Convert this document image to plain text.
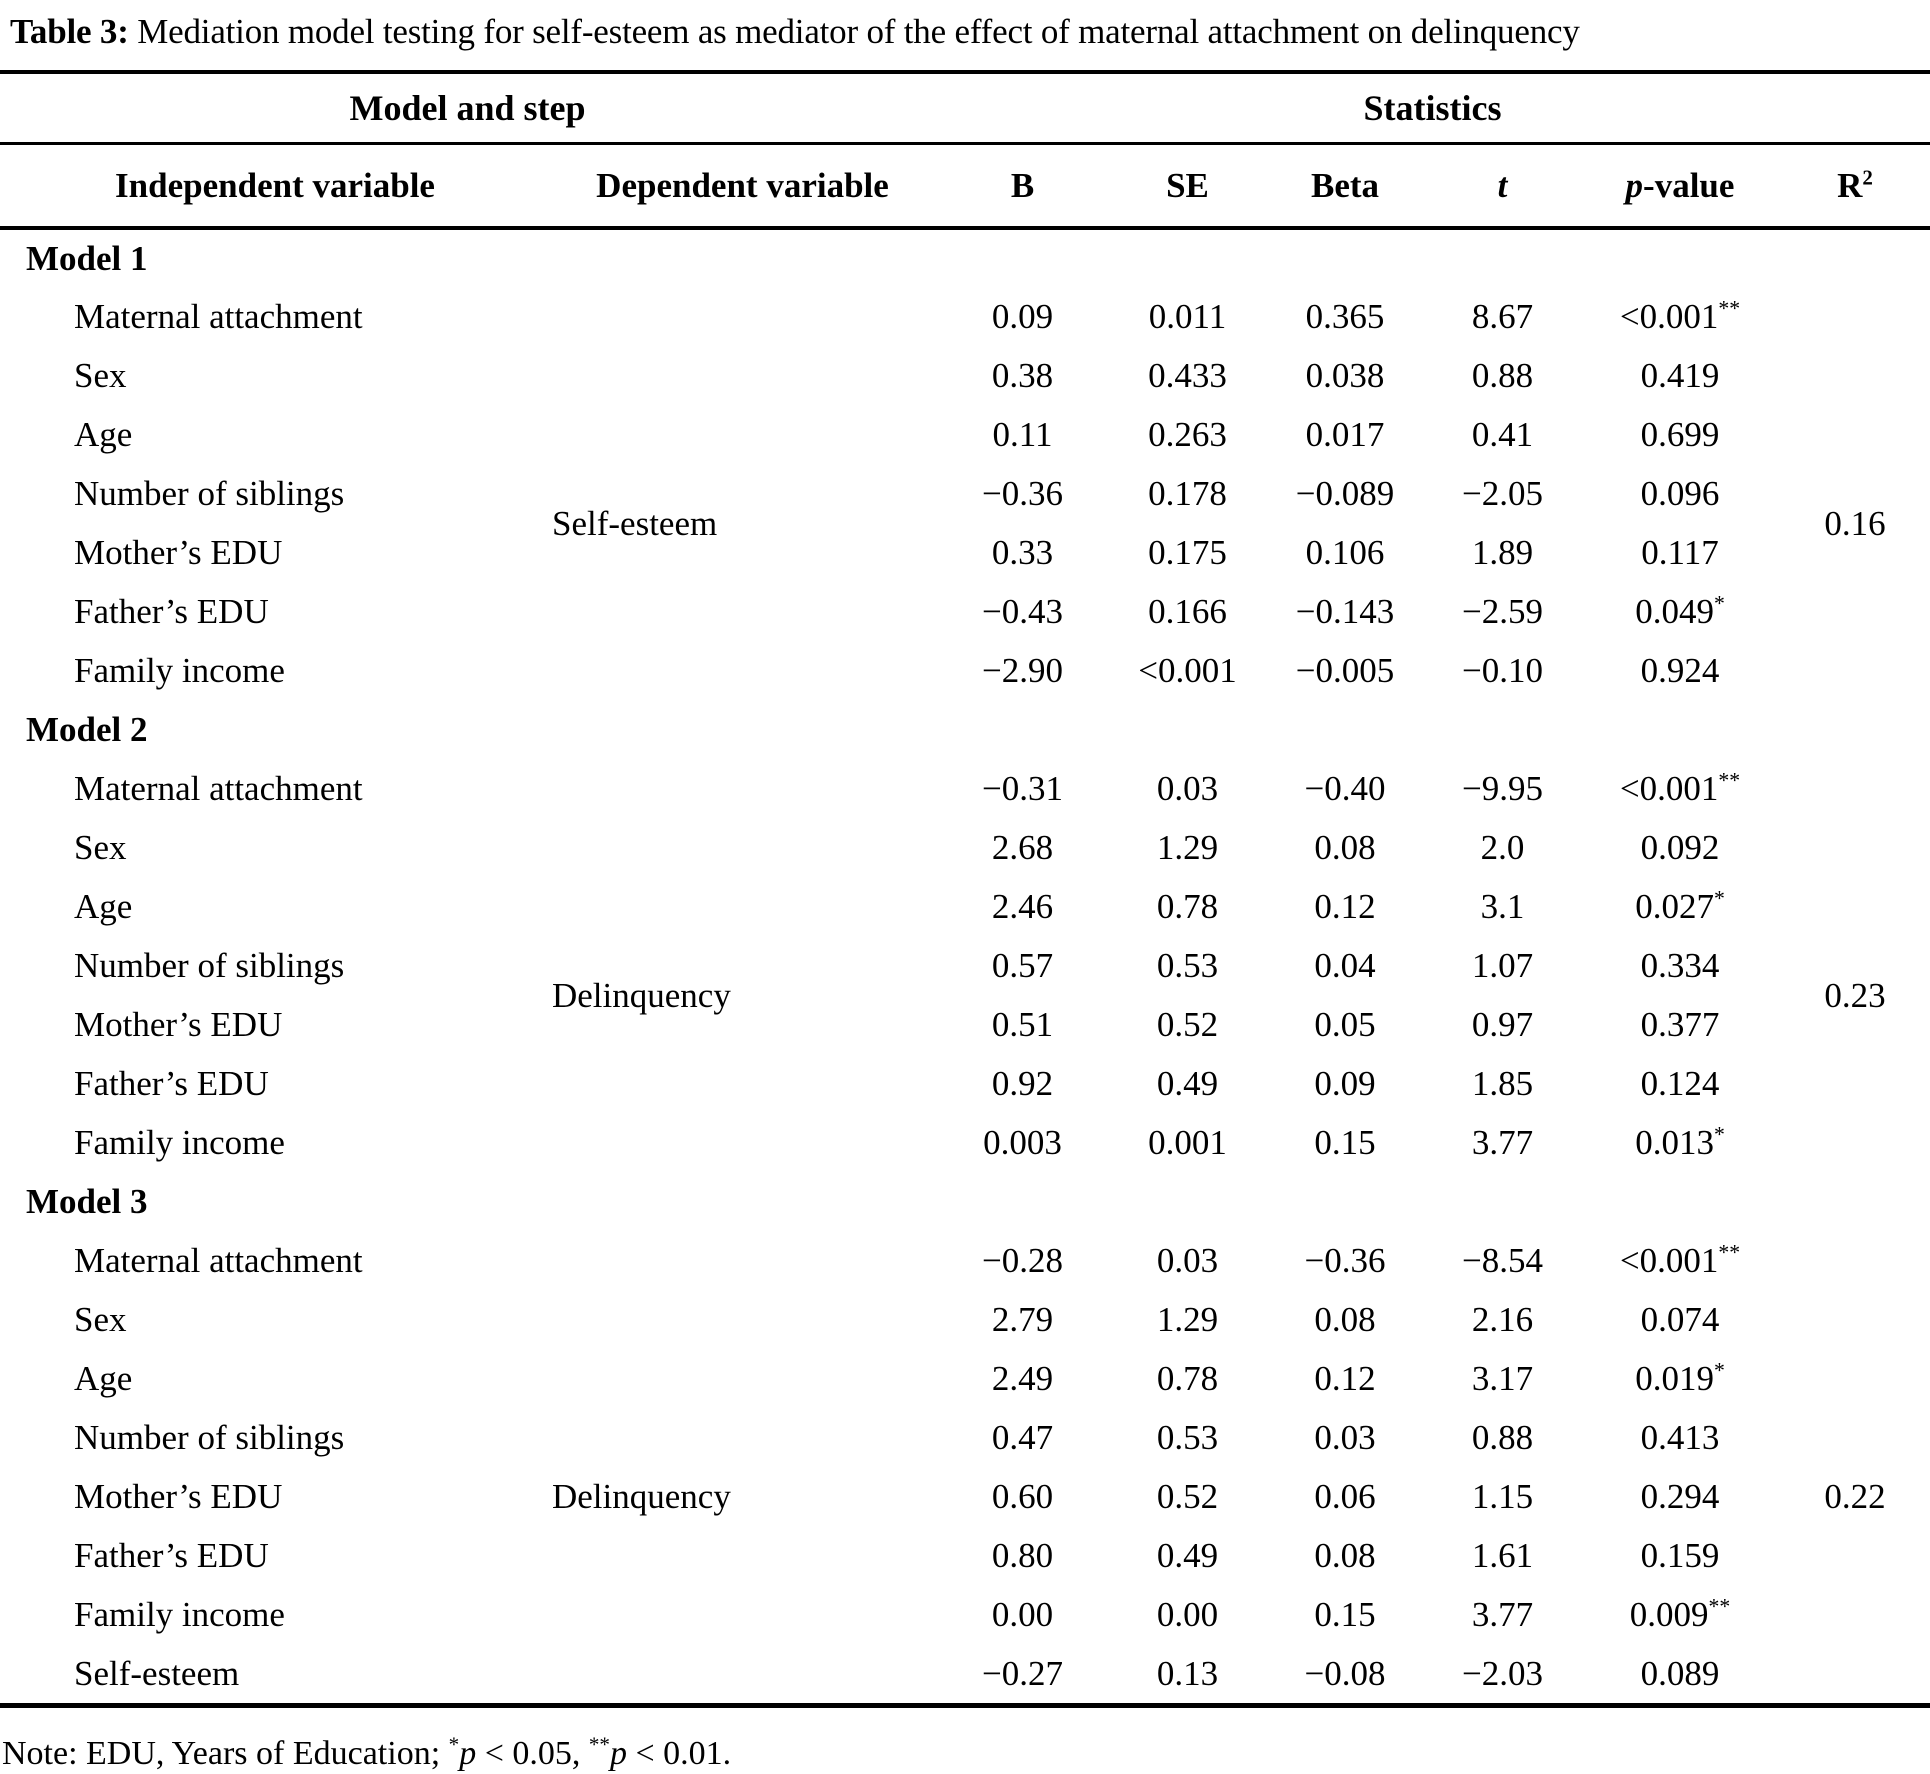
Table 3: Mediation model testing for self-esteem as mediator of the effect of maternal attachment on delinquency
Model and step		Statistics					
Independent variable	Dependent variable	B	SE	Beta	t	p-value	$R^2$
Model 1							
Maternal attachment	Self-esteem	0.09	0.011	0.365	8.67	<0.001**	0.16
Sex		0.38	0.433	0.038	0.88	0.419	
Age		0.11	0.263	0.017	0.41	0.699	
Number of siblings		−0.36	0.178	−0.089	−2.05	0.096	
Mother’s EDU		0.33	0.175	0.106	1.89	0.117	
Father’s EDU		−0.43	0.166	−0.143	−2.59	0.049*
Family income		−2.90	<0.001	−0.005	−0.10	0.924	
Model 2							
Maternal attachment	Delinquency	−0.31	0.03	−0.40	−9.95	<0.001**	0.23
Sex		2.68	1.29	0.08	2.0	0.092	
Age		2.46	0.78	0.12	3.1	0.027*
Number of siblings		0.57	0.53	0.04	1.07	0.334	
Mother’s EDU		0.51	0.52	0.05	0.97	0.377	
Father’s EDU		0.92	0.49	0.09	1.85	0.124	
Family income		0.003	0.001	0.15	3.77	0.013*
Model 3							
Maternal attachment	Delinquency	−0.28	0.03	−0.36	−8.54	<0.001**	0.22
Sex		2.79	1.29	0.08	2.16	0.074	
Age		2.49	0.78	0.12	3.17	0.019*
Number of siblings		0.47	0.53	0.03	0.88	0.413	
Mother’s EDU		0.60	0.52	0.06	1.15	0.294	
Father’s EDU		0.80	0.49	0.08	1.61	0.159	
Family income		0.00	0.00	0.15	3.77	0.009**
Self-esteem		−0.27	0.13	−0.08	−2.03	0.089	
Note: EDU, Years of Education; *p < 0.05, **p < 0.01.
